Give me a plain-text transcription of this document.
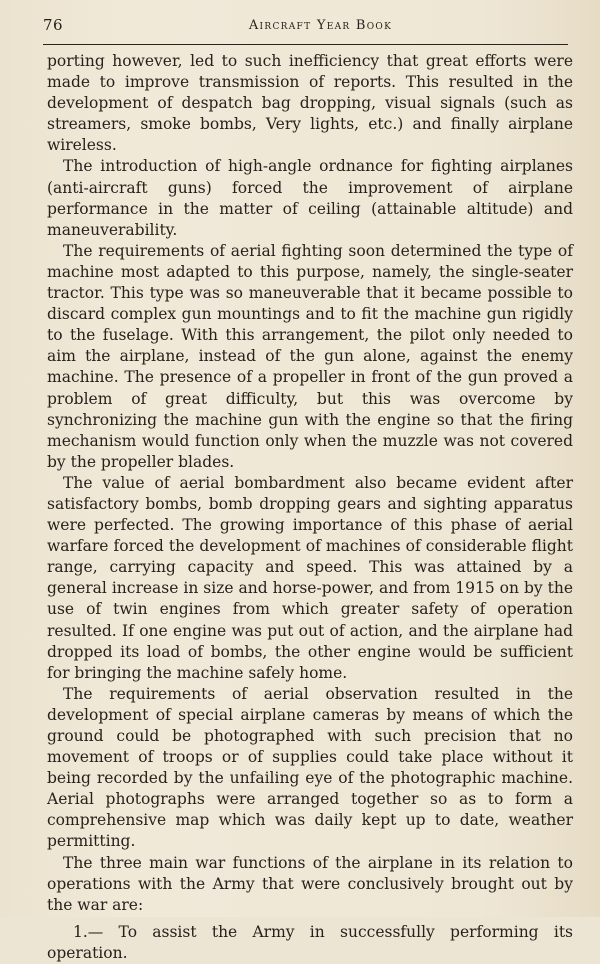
76	Aircraft Year Book

porting however, led to such inefficiency that great efforts were made to improve transmission of reports. This resulted in the development of despatch bag dropping, visual signals (such as streamers, smoke bombs, Very lights, etc.) and finally airplane wireless.

The introduction of high-angle ordnance for fighting airplanes (anti-aircraft guns) forced the improvement of airplane performance in the matter of ceiling (attainable altitude) and maneuverability.

The requirements of aerial fighting soon determined the type of machine most adapted to this purpose, namely, the single-seater tractor. This type was so maneuverable that it became possible to discard complex gun mountings and to fit the machine gun rigidly to the fuselage. With this arrangement, the pilot only needed to aim the airplane, instead of the gun alone, against the enemy machine. The presence of a propeller in front of the gun proved a problem of great difficulty, but this was overcome by synchronizing the machine gun with the engine so that the firing mechanism would function only when the muzzle was not covered by the propeller blades.

The value of aerial bombardment also became evident after satisfactory bombs, bomb dropping gears and sighting apparatus were perfected. The growing importance of this phase of aerial warfare forced the development of machines of considerable flight range, carrying capacity and speed. This was attained by a general increase in size and horse-power, and from 1915 on by the use of twin engines from which greater safety of operation resulted. If one engine was put out of action, and the airplane had dropped its load of bombs, the other engine would be sufficient for bringing the machine safely home.

The requirements of aerial observation resulted in the development of special airplane cameras by means of which the ground could be photographed with such precision that no movement of troops or of supplies could take place without it being recorded by the unfailing eye of the photographic machine. Aerial photographs were arranged together so as to form a comprehensive map which was daily kept up to date, weather permitting.

The three main war functions of the airplane in its relation to operations with the Army that were conclusively brought out by the war are:

1.— To assist the Army in successfully performing its operation.
